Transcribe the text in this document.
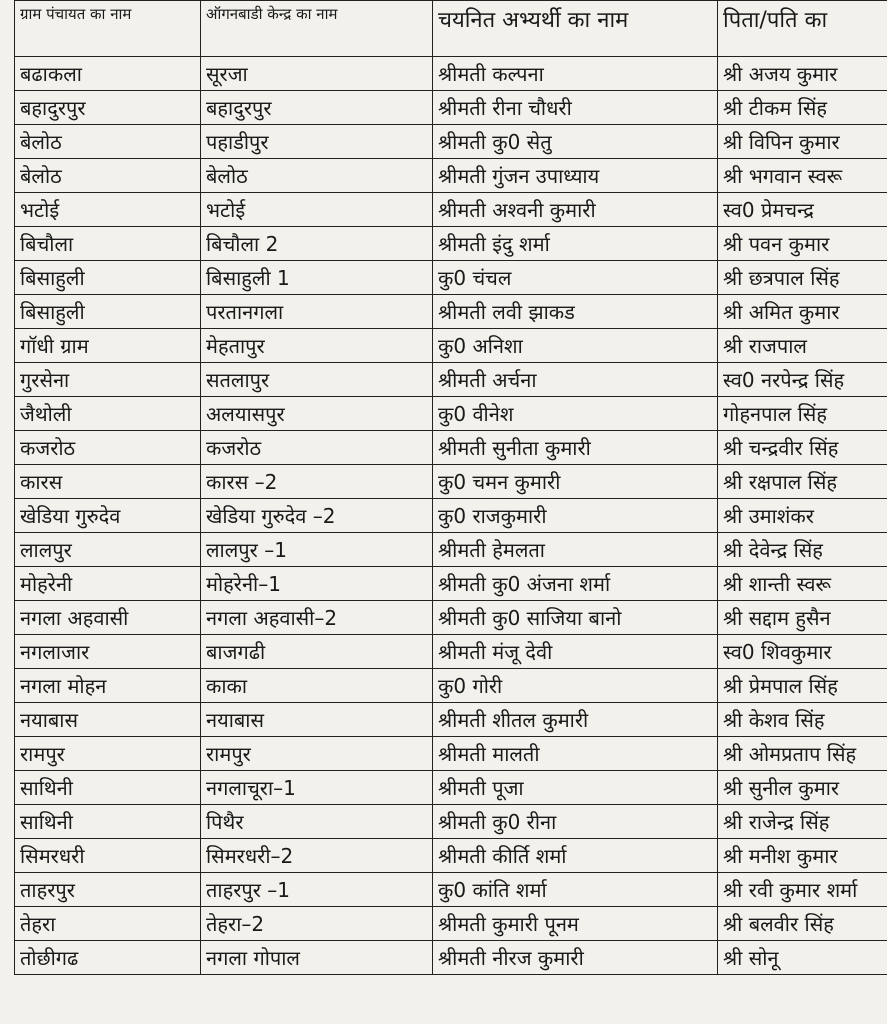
ग्राम पंचायत का नाम	ऑगनबाडी केन्द्र का नाम	चयनित अभ्यर्थी का नाम	पिता/पति का
बढाकला	सूरजा	श्रीमती कल्पना	श्री अजय कुमार
बहादुरपुर	बहादुरपुर	श्रीमती रीना चौधरी	श्री टीकम सिंह
बेलोठ	पहाडीपुर	श्रीमती कु0 सेतु	श्री विपिन कुमार
बेलोठ	बेलोठ	श्रीमती गुंजन उपाध्याय	श्री भगवान स्वरू
भटोई	भटोई	श्रीमती अश्वनी कुमारी	स्व0 प्रेमचन्द्र
बिचौला	बिचौला 2	श्रीमती इंदु शर्मा	श्री पवन कुमार
बिसाहुली	बिसाहुली 1	कु0 चंचल	श्री छत्रपाल सिंह
बिसाहुली	परतानगला	श्रीमती लवी झाकड	श्री अमित कुमार
गॉधी ग्राम	मेहतापुर	कु0 अनिशा	श्री राजपाल
गुरसेना	सतलापुर	श्रीमती अर्चना	स्व0 नरपेन्द्र सिंह
जैथोली	अलयासपुर	कु0 वीनेश	गोहनपाल सिंह
कजरोठ	कजरोठ	श्रीमती सुनीता कुमारी	श्री चन्द्रवीर सिंह
कारस	कारस –2	कु0 चमन कुमारी	श्री रक्षपाल सिंह
खेडिया गुरुदेव	खेडिया गुरुदेव –2	कु0 राजकुमारी	श्री उमाशंकर
लालपुर	लालपुर –1	श्रीमती हेमलता	श्री देवेन्द्र सिंह
मोहरेनी	मोहरेनी–1	श्रीमती कु0 अंजना शर्मा	श्री शान्ती स्वरू
नगला अहवासी	नगला अहवासी–2	श्रीमती कु0 साजिया बानो	श्री सद्दाम हुसैन
नगलाजार	बाजगढी	श्रीमती मंजू देवी	स्व0 शिवकुमार
नगला मोहन	काका	कु0 गोरी	श्री प्रेमपाल सिंह
नयाबास	नयाबास	श्रीमती शीतल कुमारी	श्री केशव सिंह
रामपुर	रामपुर	श्रीमती मालती	श्री ओमप्रताप सिंह
साथिनी	नगलाचूरा–1	श्रीमती पूजा	श्री सुनील कुमार
साथिनी	पिथैर	श्रीमती कु0 रीना	श्री राजेन्द्र सिंह
सिमरधरी	सिमरधरी–2	श्रीमती कीर्ति शर्मा	श्री मनीश कुमार
ताहरपुर	ताहरपुर –1	कु0 कांति शर्मा	श्री रवी कुमार शर्मा
तेहरा	तेहरा–2	श्रीमती कुमारी पूनम	श्री बलवीर सिंह
तोछीगढ	नगला गोपाल	श्रीमती नीरज कुमारी	श्री सोनू
